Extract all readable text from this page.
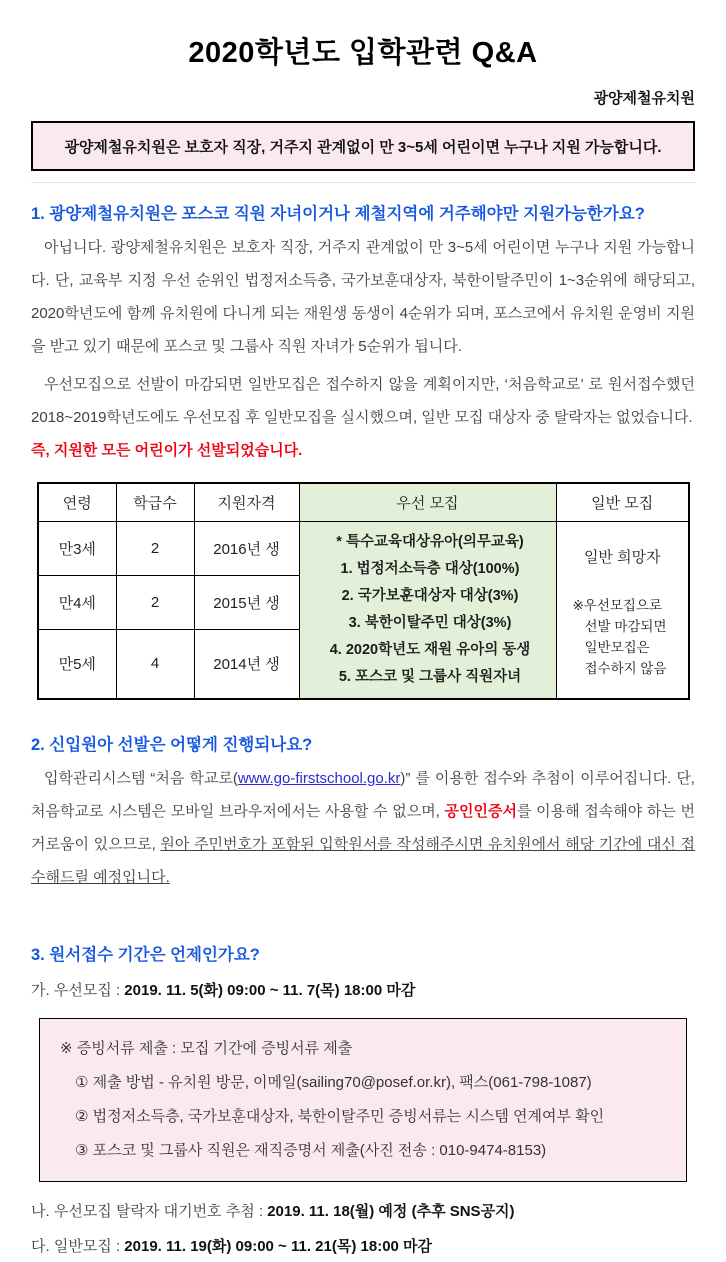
2020학년도 입학관련 Q&A
광양제철유치원
광양제철유치원은 보호자 직장, 거주지 관계없이 만 3~5세 어린이면 누구나 지원 가능합니다.
1. 광양제철유치원은 포스코 직원 자녀이거나 제철지역에 거주해야만 지원가능한가요?

아닙니다. 광양제철유치원은 보호자 직장, 거주지 관계없이 만 3~5세 어린이면 누구나 지원 가능합니다. 단, 교육부 지정 우선 순위인 법정저소득층, 국가보훈대상자, 북한이탈주민이 1~3순위에 해당되고, 2020학년도에 함께 유치원에 다니게 되는 재원생 동생이 4순위가 되며, 포스코에서 유치원 운영비 지원을 받고 있기 때문에 포스코 및 그룹사 직원 자녀가 5순위가 됩니다.

우선모집으로 선발이 마감되면 일반모집은 접수하지 않을 계획이지만, ‘처음학교로’ 로 원서접수했던 2018~2019학년도에도 우선모집 후 일반모집을 실시했으며, 일반 모집 대상자 중 탈락자는 없었습니다.

즉, 지원한 모든 어린이가 선발되었습니다.
연령	학급수	지원자격	우선 모집	일반 모집
만3세	2	2016년 생	* 특수교육대상유아(의무교육)
1. 법정저소득층 대상(100%)
2. 국가보훈대상자 대상(3%)
3. 북한이탈주민 대상(3%)
4. 2020학년도 재원 유아의 동생
5. 포스코 및 그룹사 직원자녀

일반 희망자
※우선모집으로
선발 마감되면
일반모집은
접수하지 않음

만4세	2	2015년 생		
만5세	4	2014년 생		
2. 신입원아 선발은 어떻게 진행되나요?

입학관리시스템 “처음 학교로(www.go-firstschool.go.kr)” 를 이용한 접수와 추첨이 이루어집니다. 단, 처음학교로 시스템은 모바일 브라우저에서는 사용할 수 없으며, 공인인증서를 이용해 접속해야 하는 번거로움이 있으므로, 원아 주민번호가 포함된 입학원서를 작성해주시면 유치원에서 해당 기간에 대신 접수해드릴 예정입니다.

3. 원서접수 기간은 언제인가요?
가. 우선모집 : 2019. 11. 5(화) 09:00 ~ 11. 7(목) 18:00 마감
※ 증빙서류 제출 : 모집 기간에 증빙서류 제출
① 제출 방법 - 유치원 방문, 이메일(sailing70@posef.or.kr), 팩스(061-798-1087)
② 법정저소득층, 국가보훈대상자, 북한이탈주민 증빙서류는 시스템 연계여부 확인
③ 포스코 및 그룹사 직원은 재직증명서 제출(사진 전송 : 010-9474-8153)
나. 우선모집 탈락자 대기번호 추첨 : 2019. 11. 18(월) 예정 (추후 SNS공지)
다. 일반모집 : 2019. 11. 19(화) 09:00 ~ 11. 21(목) 18:00 마감
